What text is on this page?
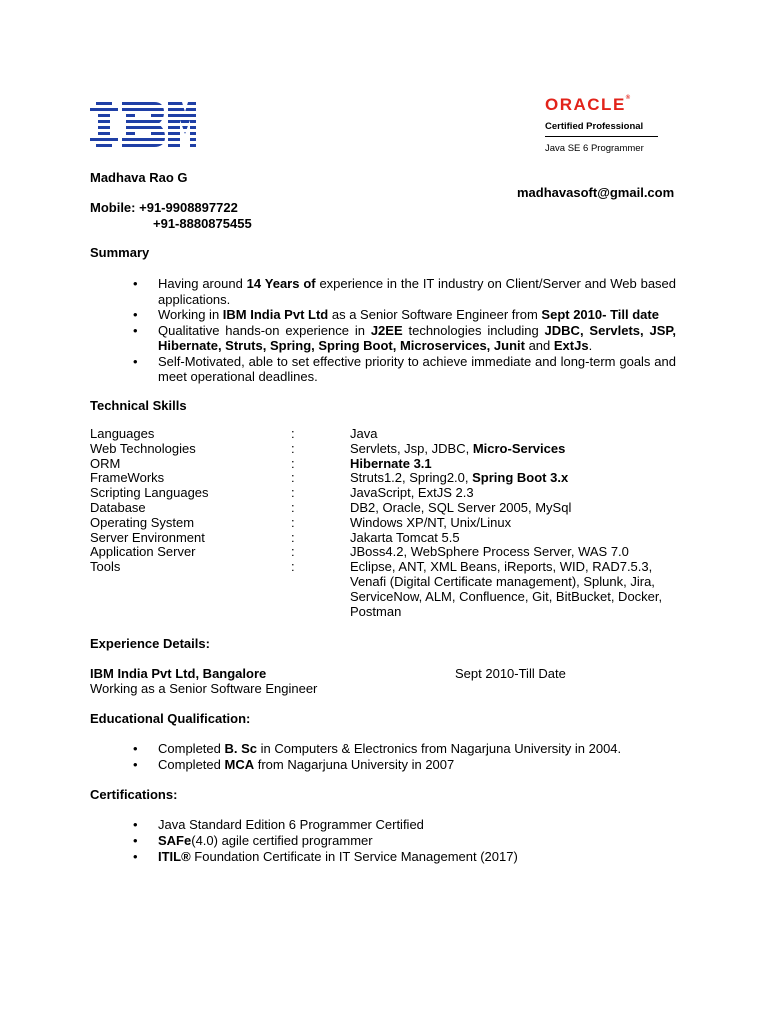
ORACLE®
Certified Professional
Java SE 6 Programmer
Madhava Rao G
madhavasoft@gmail.com
Mobile: +91-9908897722
+91-8880875455
Summary
• Having around 14 Years of experience in the IT industry on Client/Server and Web based applications.
• Working in IBM India Pvt Ltd as a Senior Software Engineer from Sept 2010- Till date
• Qualitative hands-on experience in J2EE technologies including JDBC, Servlets, JSP, Hibernate, Struts, Spring, Spring Boot, Microservices, Junit and ExtJs.
• Self-Motivated, able to set effective priority to achieve immediate and long-term goals and meet operational deadlines.
Technical Skills
Languages	:	Java
Web Technologies	:	Servlets, Jsp, JDBC, Micro-Services
ORM	:	Hibernate 3.1
FrameWorks	:	Struts1.2, Spring2.0, Spring Boot 3.x
Scripting Languages	:	JavaScript, ExtJS 2.3
Database	:	DB2, Oracle, SQL Server 2005, MySql
Operating System	:	Windows XP/NT, Unix/Linux
Server Environment	:	Jakarta Tomcat 5.5
Application Server	:	JBoss4.2, WebSphere Process Server, WAS 7.0
Tools	:	Eclipse, ANT, XML Beans, iReports, WID, RAD7.5.3,
Venafi (Digital Certificate management), Splunk, Jira,
ServiceNow, ALM, Confluence, Git, BitBucket, Docker,
Postman
Experience Details:
IBM India Pvt Ltd, Bangalore	Sept 2010-Till Date
Working as a Senior Software Engineer
Educational Qualification:
• Completed B. Sc in Computers & Electronics from Nagarjuna University in 2004.
• Completed MCA from Nagarjuna University in 2007
Certifications:
• Java Standard Edition 6 Programmer Certified
• SAFe(4.0) agile certified programmer
• ITIL® Foundation Certificate in IT Service Management (2017)
